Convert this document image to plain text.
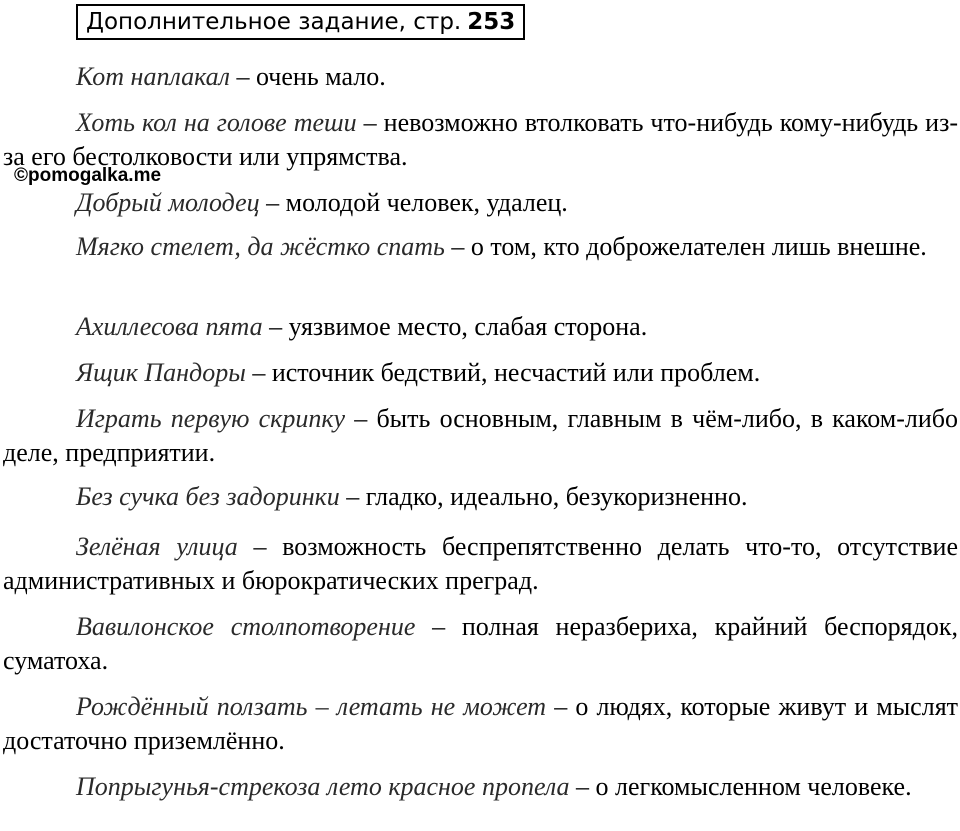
Дополнительное задание, стр. 253
©pomogalka.me

Кот наплакал – очень мало.

Хоть кол на голове теши – невозможно втолковать что-нибудь кому-нибудь из-за его бестолковости или упрямства.

Добрый молодец – молодой человек, удалец.

Мягко стелет, да жёстко спать – о том, кто доброжелателен лишь внешне.

Ахиллесова пята – уязвимое место, слабая сторона.

Ящик Пандоры – источник бедствий, несчастий или проблем.

Играть первую скрипку – быть основным, главным в чём-либо, в каком-либо деле, предприятии.

Без сучка без задоринки – гладко, идеально, безукоризненно.

Зелёная улица – возможность беспрепятственно делать что-то, отсутствие административных и бюрократических преград.

Вавилонское столпотворение – полная неразбериха, крайний беспорядок, суматоха.

Рождённый ползать – летать не может – о людях, которые живут и мыслят достаточно приземлённо.

Попрыгунья-стрекоза лето красное пропела – о легкомысленном человеке.
